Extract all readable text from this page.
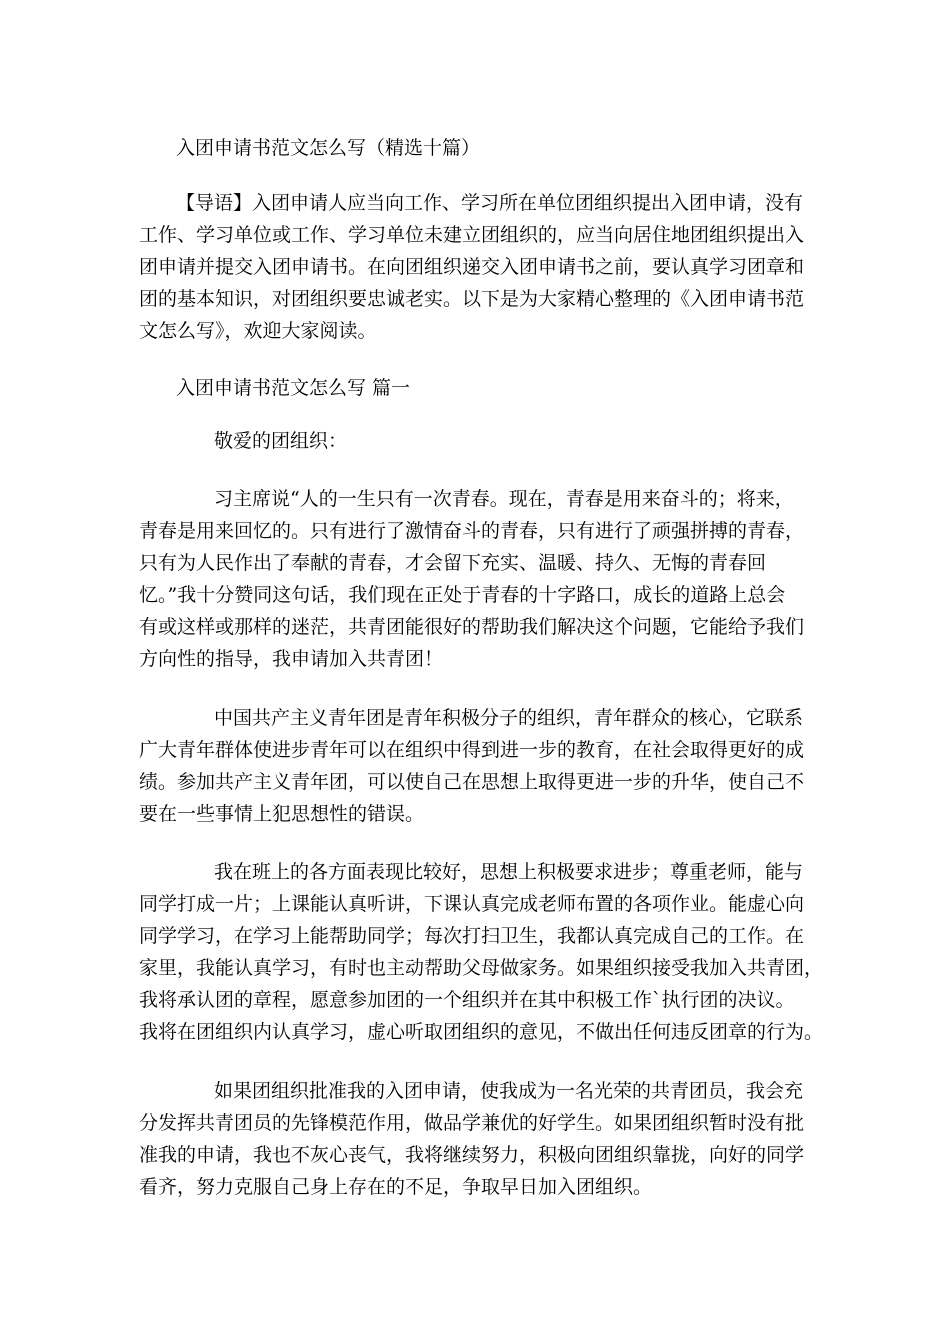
入团申请书范文怎么写（精选十篇）
【导语】入团申请人应当向工作、学习所在单位团组织提出入团申请，没有
工作、学习单位或工作、学习单位未建立团组织的，应当向居住地团组织提出入
团申请并提交入团申请书。在向团组织递交入团申请书之前，要认真学习团章和
团的基本知识，对团组织要忠诚老实。以下是为大家精心整理的《入团申请书范
文怎么写》，欢迎大家阅读。
入团申请书范文怎么写 篇一
敬爱的团组织：
习主席说“人的一生只有一次青春。现在，青春是用来奋斗的；将来，
青春是用来回忆的。只有进行了激情奋斗的青春，只有进行了顽强拼搏的青春，
只有为人民作出了奉献的青春，才会留下充实、温暖、持久、无悔的青春回
忆。”我十分赞同这句话，我们现在正处于青春的十字路口，成长的道路上总会
有或这样或那样的迷茫，共青团能很好的帮助我们解决这个问题，它能给予我们
方向性的指导，我申请加入共青团！
中国共产主义青年团是青年积极分子的组织，青年群众的核心，它联系
广大青年群体使进步青年可以在组织中得到进一步的教育，在社会取得更好的成
绩。参加共产主义青年团，可以使自己在思想上取得更进一步的升华，使自己不
要在一些事情上犯思想性的错误。
我在班上的各方面表现比较好，思想上积极要求进步；尊重老师，能与
同学打成一片；上课能认真听讲，下课认真完成老师布置的各项作业。能虚心向
同学学习，在学习上能帮助同学；每次打扫卫生，我都认真完成自己的工作。在
家里，我能认真学习，有时也主动帮助父母做家务。如果组织接受我加入共青团，
我将承认团的章程，愿意参加团的一个组织并在其中积极工作`执行团的决议。
我将在团组织内认真学习，虚心听取团组织的意见，不做出任何违反团章的行为。
如果团组织批准我的入团申请，使我成为一名光荣的共青团员，我会充
分发挥共青团员的先锋模范作用，做品学兼优的好学生。如果团组织暂时没有批
准我的申请，我也不灰心丧气，我将继续努力，积极向团组织靠拢，向好的同学
看齐，努力克服自己身上存在的不足，争取早日加入团组织。
